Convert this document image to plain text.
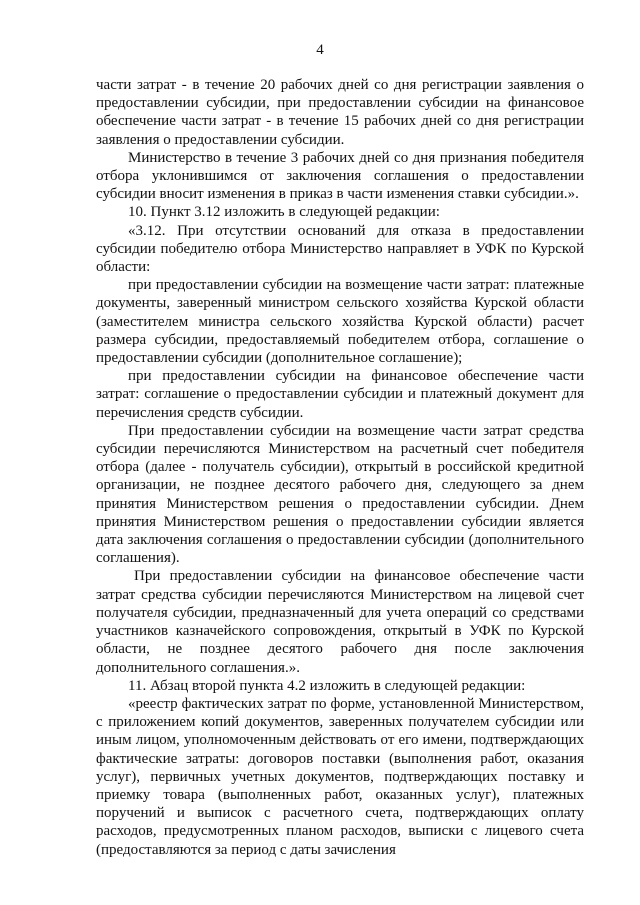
4

части затрат - в течение 20 рабочих дней со дня регистрации заявления о предоставлении субсидии, при предоставлении субсидии на финансовое обеспечение части затрат - в течение 15 рабочих дней со дня регистрации заявления о предоставлении субсидии.

Министерство в течение 3 рабочих дней со дня признания победителя отбора уклонившимся от заключения соглашения о предоставлении субсидии вносит изменения в приказ в части изменения ставки субсидии.».

10. Пункт 3.12 изложить в следующей редакции:

«3.12. При отсутствии оснований для отказа в предоставлении субсидии победителю отбора Министерство направляет в УФК по Курской области:

при предоставлении субсидии на возмещение части затрат: платежные документы, заверенный министром сельского хозяйства Курской области (заместителем министра сельского хозяйства Курской области) расчет размера субсидии, предоставляемый победителем отбора, соглашение о предоставлении субсидии (дополнительное соглашение);

при предоставлении субсидии на финансовое обеспечение части затрат: соглашение о предоставлении субсидии и платежный документ для перечисления средств субсидии.

При предоставлении субсидии на возмещение части затрат средства субсидии перечисляются Министерством на расчетный счет победителя отбора (далее - получатель субсидии), открытый в российской кредитной организации, не позднее десятого рабочего дня, следующего за днем принятия Министерством решения о предоставлении субсидии. Днем принятия Министерством решения о предоставлении субсидии является дата заключения соглашения о предоставлении субсидии (дополнительного соглашения).

При предоставлении субсидии на финансовое обеспечение части затрат средства субсидии перечисляются Министерством на лицевой счет получателя субсидии, предназначенный для учета операций со средствами участников казначейского сопровождения, открытый в УФК по Курской области, не позднее десятого рабочего дня после заключения дополнительного соглашения.».

11. Абзац второй пункта 4.2 изложить в следующей редакции:

«реестр фактических затрат по форме, установленной Министерством, с приложением копий документов, заверенных получателем субсидии или иным лицом, уполномоченным действовать от его имени, подтверждающих фактические затраты: договоров поставки (выполнения работ, оказания услуг), первичных учетных документов, подтверждающих поставку и приемку товара (выполненных работ, оказанных услуг), платежных поручений и выписок с расчетного счета, подтверждающих оплату расходов, предусмотренных планом расходов, выписки с лицевого счета (предоставляются за период с даты зачисления
